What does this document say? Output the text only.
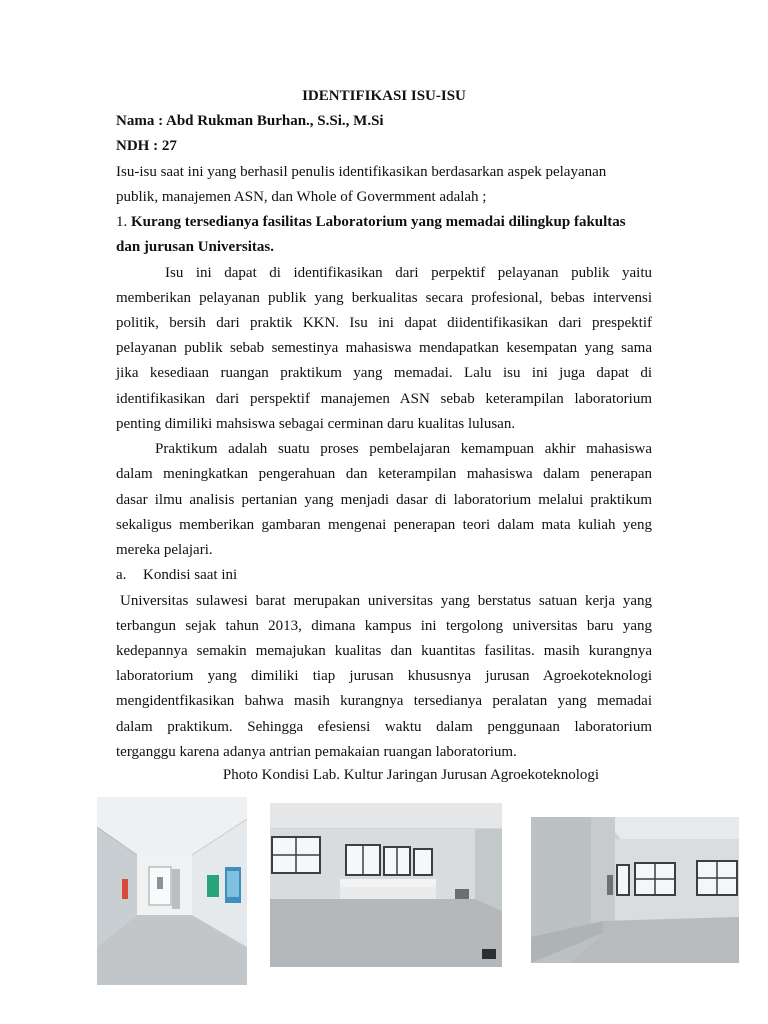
IDENTIFIKASI ISU-ISU
Nama : Abd Rukman Burhan., S.Si., M.Si
NDH : 27
Isu-isu saat ini yang berhasil penulis identifikasikan berdasarkan aspek pelayanan
publik, manajemen ASN, dan Whole of Govermment adalah ;
1. Kurang tersedianya fasilitas Laboratorium yang memadai dilingkup fakultas
dan jurusan Universitas.
Isu ini dapat di identifikasikan dari perpektif pelayanan publik yaitu
memberikan pelayanan publik yang berkualitas secara profesional, bebas intervensi
politik, bersih dari praktik KKN. Isu ini dapat diidentifikasikan dari prespektif
pelayanan publik sebab semestinya mahasiswa mendapatkan kesempatan yang sama
jika kesediaan ruangan praktikum yang memadai. Lalu isu ini juga dapat di
identifikasikan dari perspektif manajemen ASN sebab keterampilan laboratorium
penting dimiliki mahsiswa sebagai cerminan daru kualitas lulusan.
Praktikum adalah suatu proses pembelajaran kemampuan akhir mahasiswa
dalam meningkatkan pengerahuan dan keterampilan mahasiswa dalam penerapan
dasar ilmu analisis pertanian yang menjadi dasar di laboratorium melalui praktikum
sekaligus memberikan gambaran mengenai penerapan teori dalam mata kuliah yeng
mereka pelajari.
a. Kondisi saat ini
Universitas sulawesi barat merupakan universitas yang berstatus satuan kerja yang
terbangun sejak tahun 2013, dimana kampus ini tergolong universitas baru yang
kedepannya semakin memajukan kualitas dan kuantitas fasilitas. masih kurangnya
laboratorium yang dimiliki tiap jurusan khususnya jurusan Agroekoteknologi
mengidentfikasikan bahwa masih kurangnya tersedianya peralatan yang memadai
dalam praktikum. Sehingga efesiensi waktu dalam penggunaan laboratorium
terganggu karena adanya antrian pemakaian ruangan laboratorium.
Photo Kondisi Lab. Kultur Jaringan Jurusan Agroekoteknologi
